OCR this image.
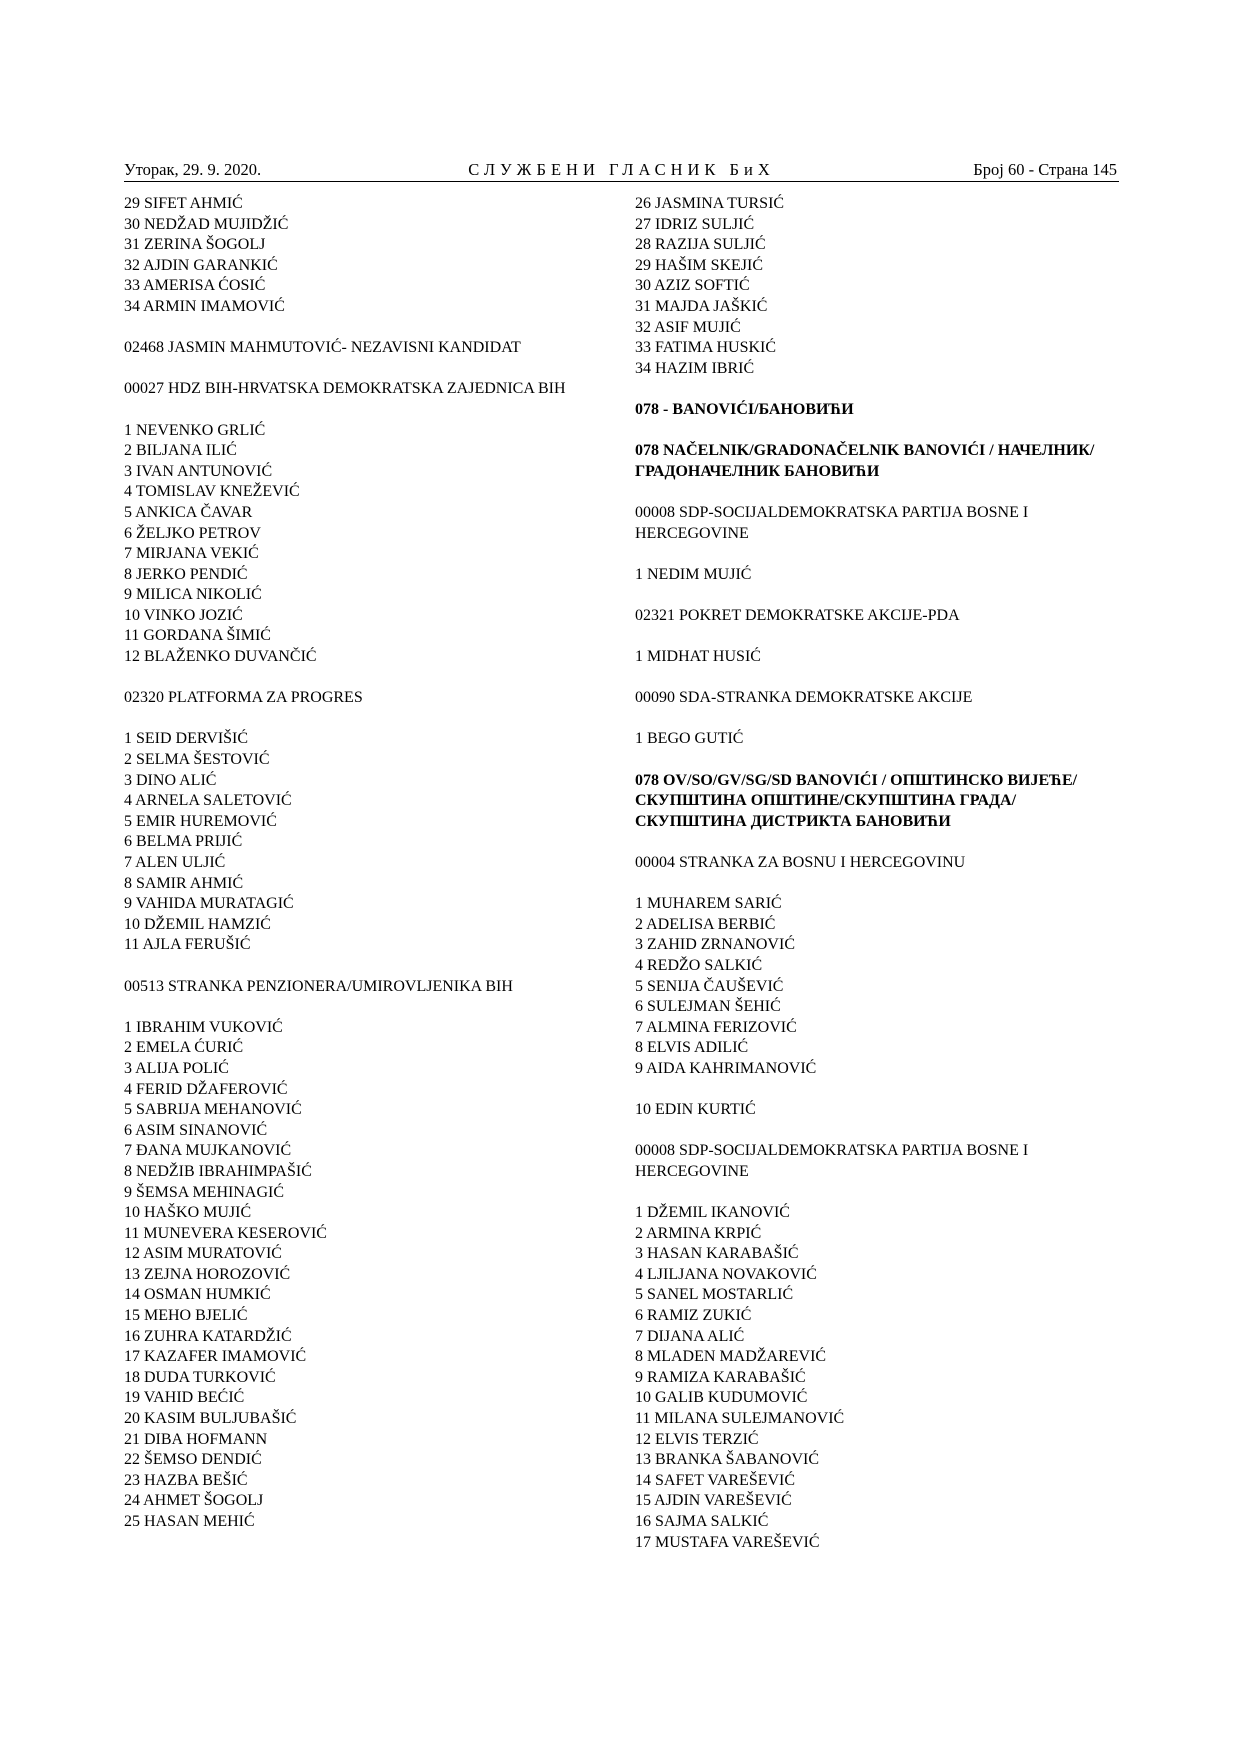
Уторак, 29. 9. 2020.	СЛУЖБЕНИ ГЛАСНИК БиХ	Број 60 - Страна 145
29 SIFET AHMIĆ
30 NEDŽAD MUJIDŽIĆ
31 ZERINA ŠOGOLJ
32 AJDIN GARANKIĆ
33 AMERISA ĆOSIĆ
34 ARMIN IMAMOVIĆ
02468 JASMIN MAHMUTOVIĆ- NEZAVISNI KANDIDAT
00027 HDZ BIH-HRVATSKA DEMOKRATSKA ZAJEDNICA BIH
1 NEVENKO GRLIĆ
2 BILJANA ILIĆ
3 IVAN ANTUNOVIĆ
4 TOMISLAV KNEŽEVIĆ
5 ANKICA ČAVAR
6 ŽELJKO PETROV
7 MIRJANA VEKIĆ
8 JERKO PENDIĆ
9 MILICA NIKOLIĆ
10 VINKO JOZIĆ
11 GORDANA ŠIMIĆ
12 BLAŽENKO DUVANČIĆ
02320 PLATFORMA ZA PROGRES
1 SEID DERVIŠIĆ
2 SELMA ŠESTOVIĆ
3 DINO ALIĆ
4 ARNELA SALETOVIĆ
5 EMIR HUREMOVIĆ
6 BELMA PRIJIĆ
7 ALEN ULJIĆ
8 SAMIR AHMIĆ
9 VAHIDA MURATAGIĆ
10 DŽEMIL HAMZIĆ
11 AJLA FERUŠIĆ
00513 STRANKA PENZIONERA/UMIROVLJENIKA BIH
1 IBRAHIM VUKOVIĆ
2 EMELA ĆURIĆ
3 ALIJA POLIĆ
4 FERID DŽAFEROVIĆ
5 SABRIJA MEHANOVIĆ
6 ASIM SINANOVIĆ
7 ĐANA MUJKANOVIĆ
8 NEDŽIB IBRAHIMPAŠIĆ
9 ŠEMSA MEHINAGIĆ
10 HAŠKO MUJIĆ
11 MUNEVERA KESEROVIĆ
12 ASIM MURATOVIĆ
13 ZEJNA HOROZOVIĆ
14 OSMAN HUMKIĆ
15 MEHO BJELIĆ
16 ZUHRA KATARDŽIĆ
17 KAZAFER IMAMOVIĆ
18 DUDA TURKOVIĆ
19 VAHID BEĆIĆ
20 KASIM BULJUBAŠIĆ
21 DIBA HOFMANN
22 ŠEMSO DENDIĆ
23 HAZBA BEŠIĆ
24 AHMET ŠOGOLJ
25 HASAN MEHIĆ
26 JASMINA TURSIĆ
27 IDRIZ SULJIĆ
28 RAZIJA SULJIĆ
29 HAŠIM SKEJIĆ
30 AZIZ SOFTIĆ
31 MAJDA JAŠKIĆ
32 ASIF MUJIĆ
33 FATIMA HUSKIĆ
34 HAZIM IBRIĆ
078 - BANOVIĆI/БАНОВИЋИ
078 NAČELNIK/GRADONAČELNIK BANOVIĆI / НАЧЕЛНИК/ГРАДОНАЧЕЛНИК БАНОВИЋИ
00008 SDP-SOCIJALDEMOKRATSKA PARTIJA BOSNE I HERCEGOVINE
1 NEDIM MUJIĆ
02321 POKRET DEMOKRATSKE AKCIJE-PDA
1 MIDHAT HUSIĆ
00090 SDA-STRANKA DEMOKRATSKE AKCIJE
1 BEGO GUTIĆ
078 OV/SO/GV/SG/SD BANOVIĆI / ОПШТИНСКО ВИЈЕЋЕ/СКУПШТИНА ОПШТИНЕ/СКУПШТИНА ГРАДА/СКУПШТИНА ДИСТРИКТА БАНОВИЋИ
00004 STRANKA ZA BOSNU I HERCEGOVINU
1 MUHAREM SARIĆ
2 ADELISA BERBIĆ
3 ZAHID ZRNANOVIĆ
4 REDŽO SALKIĆ
5 SENIJA ČAUŠEVIĆ
6 SULEJMAN ŠEHIĆ
7 ALMINA FERIZOVIĆ
8 ELVIS ADILIĆ
9 AIDA KAHRIMANOVIĆ
10 EDIN KURTIĆ
00008 SDP-SOCIJALDEMOKRATSKA PARTIJA BOSNE I HERCEGOVINE
1 DŽEMIL IKANOVIĆ
2 ARMINA KRPIĆ
3 HASAN KARABAŠIĆ
4 LJILJANA NOVAKOVIĆ
5 SANEL MOSTARLIĆ
6 RAMIZ ZUKIĆ
7 DIJANA ALIĆ
8 MLADEN MADŽAREVIĆ
9 RAMIZA KARABAŠIĆ
10 GALIB KUDUMOVIĆ
11 MILANA SULEJMANOVIĆ
12 ELVIS TERZIĆ
13 BRANKA ŠABANOVIĆ
14 SAFET VAREŠEVIĆ
15 AJDIN VAREŠEVIĆ
16 SAJMA SALKIĆ
17 MUSTAFA VAREŠEVIĆ
